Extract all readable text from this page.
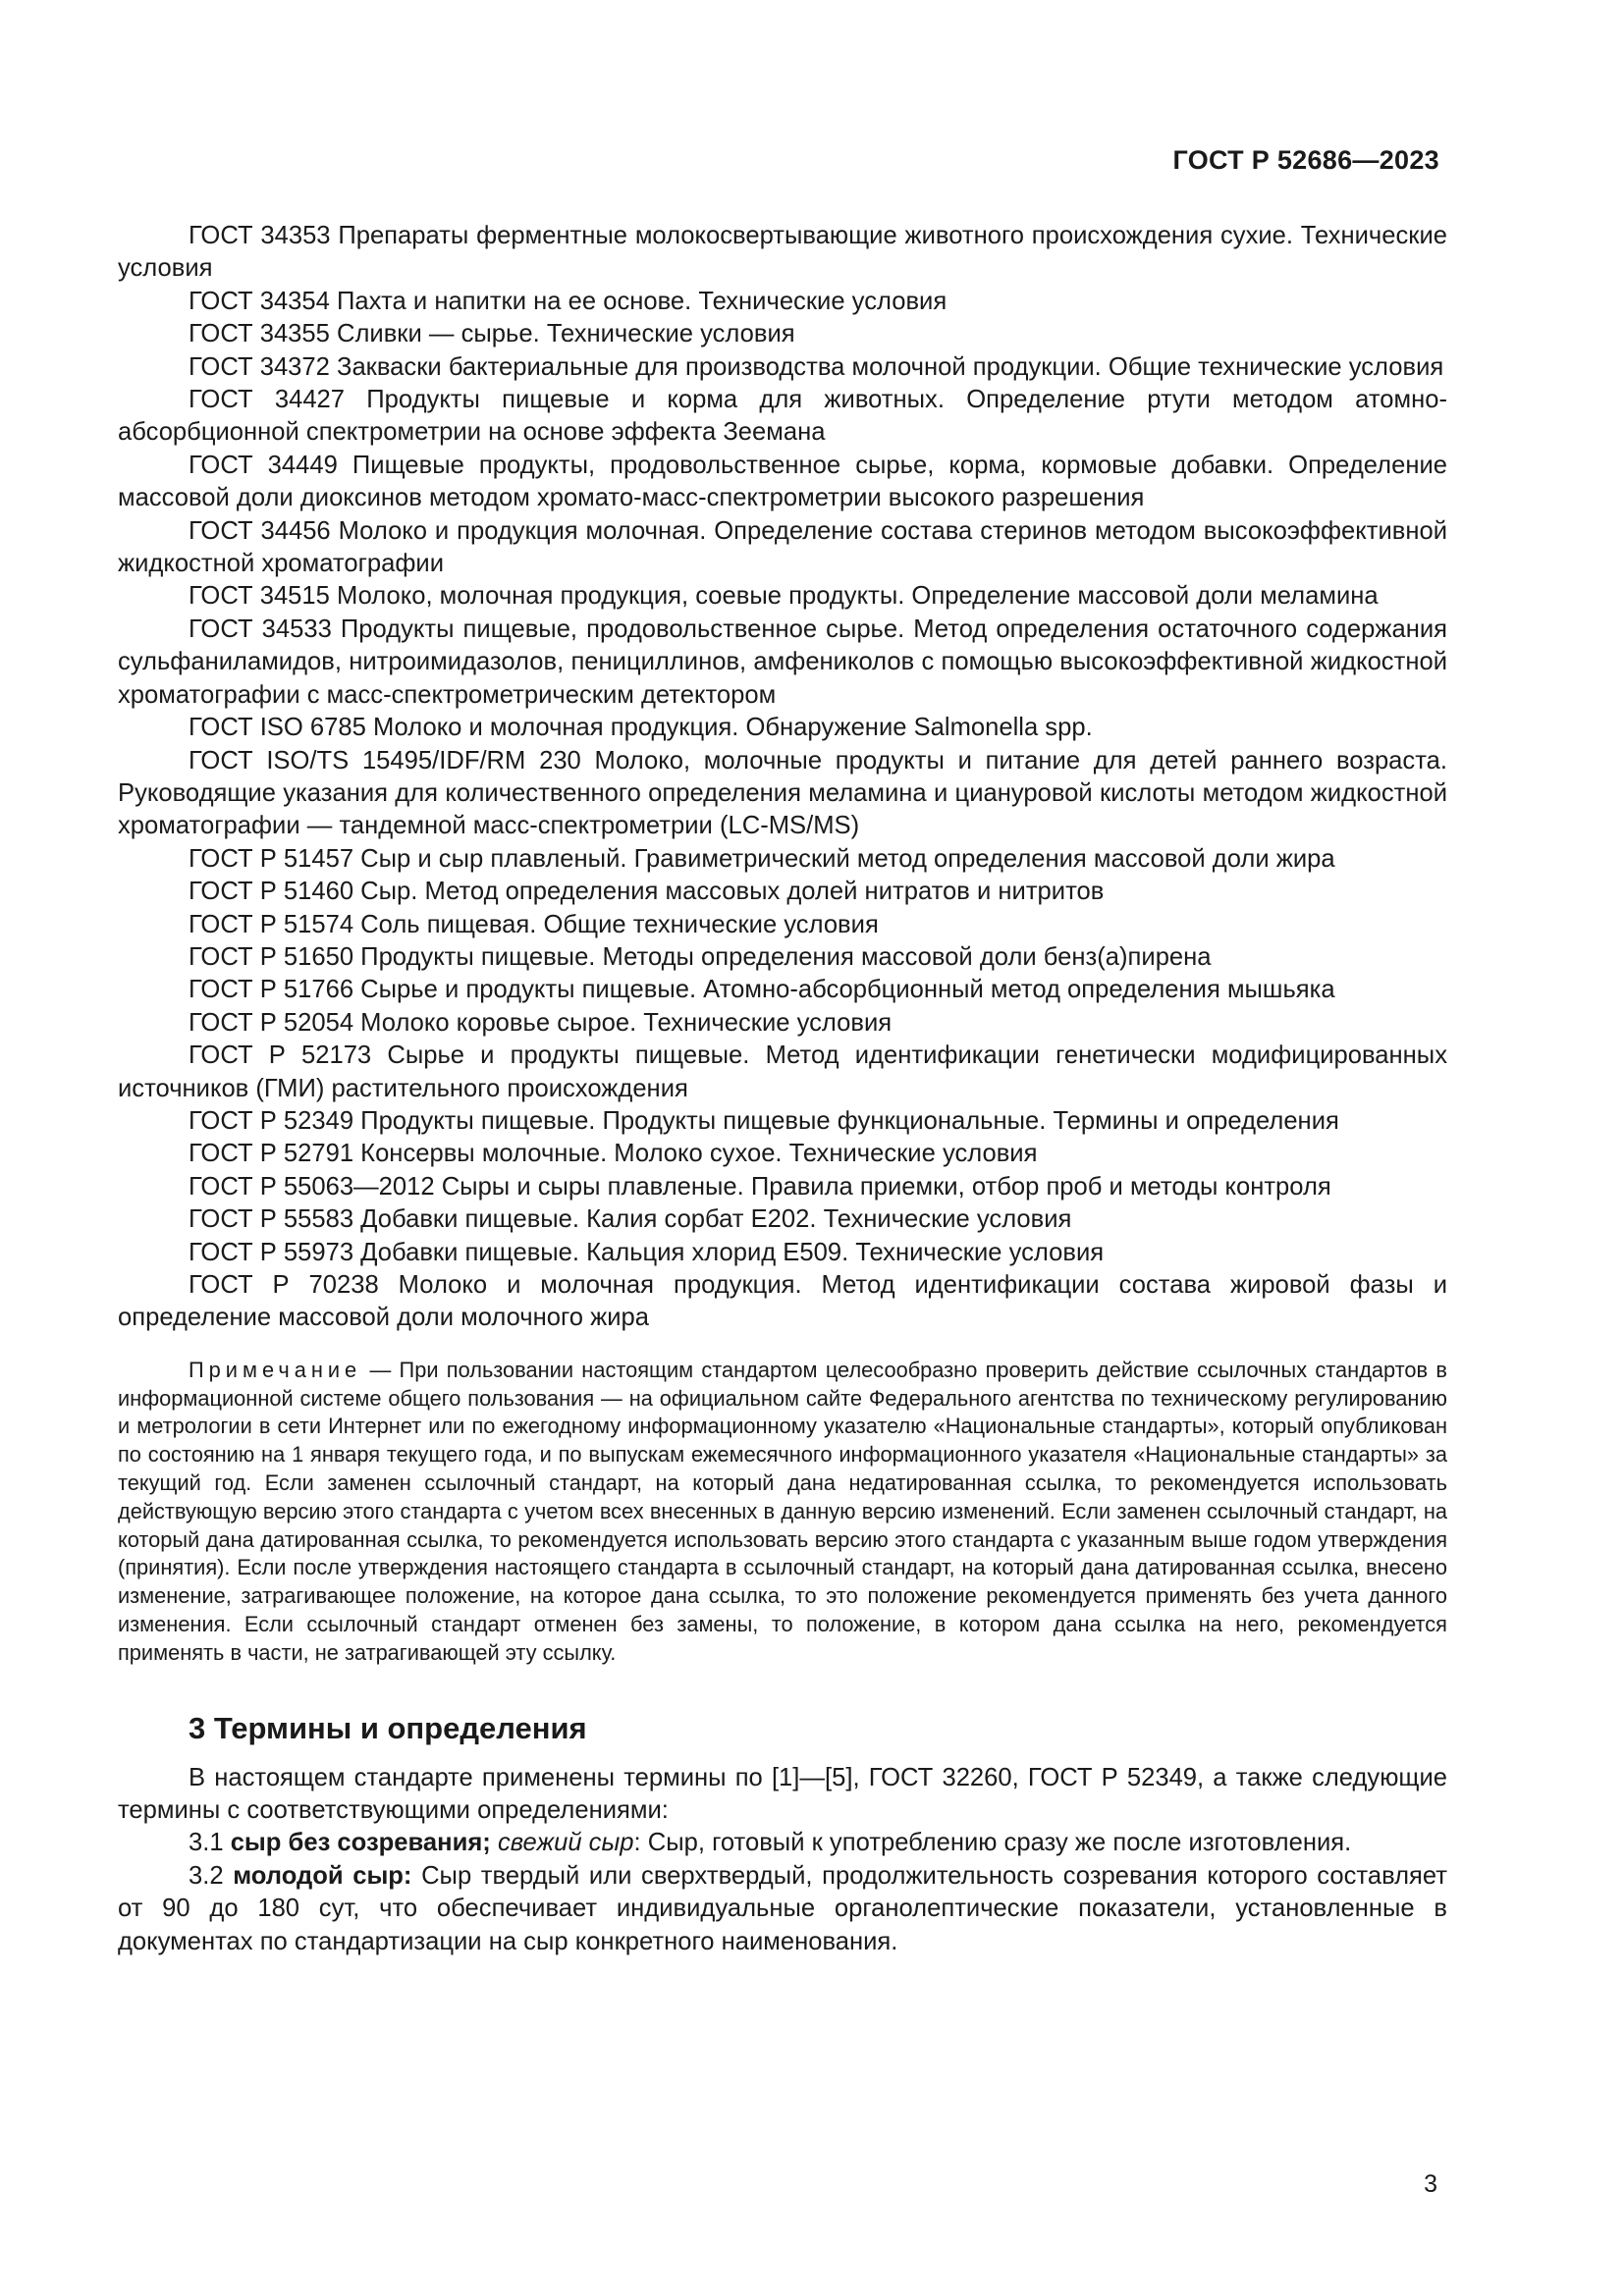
ГОСТ Р 52686—2023

ГОСТ 34353 Препараты ферментные молокосвертывающие животного происхождения сухие. Технические условия

ГОСТ 34354 Пахта и напитки на ее основе. Технические условия

ГОСТ 34355 Сливки — сырье. Технические условия

ГОСТ 34372 Закваски бактериальные для производства молочной продукции. Общие технические условия

ГОСТ 34427 Продукты пищевые и корма для животных. Определение ртути методом атомно-абсорбционной спектрометрии на основе эффекта Зеемана

ГОСТ 34449 Пищевые продукты, продовольственное сырье, корма, кормовые добавки. Определение массовой доли диоксинов методом хромато-масс-спектрометрии высокого разрешения

ГОСТ 34456 Молоко и продукция молочная. Определение состава стеринов методом высокоэффективной жидкостной хроматографии

ГОСТ 34515 Молоко, молочная продукция, соевые продукты. Определение массовой доли меламина

ГОСТ 34533 Продукты пищевые, продовольственное сырье. Метод определения остаточного содержания сульфаниламидов, нитроимидазолов, пенициллинов, амфениколов с помощью высокоэффективной жидкостной хроматографии с масс-спектрометрическим детектором

ГОСТ ISO 6785 Молоко и молочная продукция. Обнаружение Salmonella spp.

ГОСТ ISO/TS 15495/IDF/RM 230 Молоко, молочные продукты и питание для детей раннего возраста. Руководящие указания для количественного определения меламина и циануровой кислоты методом жидкостной хроматографии — тандемной масс-спектрометрии (LC-MS/MS)

ГОСТ Р 51457 Сыр и сыр плавленый. Гравиметрический метод определения массовой доли жира

ГОСТ Р 51460 Сыр. Метод определения массовых долей нитратов и нитритов

ГОСТ Р 51574 Соль пищевая. Общие технические условия

ГОСТ Р 51650 Продукты пищевые. Методы определения массовой доли бенз(а)пирена

ГОСТ Р 51766 Сырье и продукты пищевые. Атомно-абсорбционный метод определения мышьяка

ГОСТ Р 52054 Молоко коровье сырое. Технические условия

ГОСТ Р 52173 Сырье и продукты пищевые. Метод идентификации генетически модифицированных источников (ГМИ) растительного происхождения

ГОСТ Р 52349 Продукты пищевые. Продукты пищевые функциональные. Термины и определения

ГОСТ Р 52791 Консервы молочные. Молоко сухое. Технические условия

ГОСТ Р 55063—2012 Сыры и сыры плавленые. Правила приемки, отбор проб и методы контроля

ГОСТ Р 55583 Добавки пищевые. Калия сорбат Е202. Технические условия

ГОСТ Р 55973 Добавки пищевые. Кальция хлорид Е509. Технические условия

ГОСТ Р 70238 Молоко и молочная продукция. Метод идентификации состава жировой фазы и определение массовой доли молочного жира

Примечание — При пользовании настоящим стандартом целесообразно проверить действие ссылочных стандартов в информационной системе общего пользования — на официальном сайте Федерального агентства по техническому регулированию и метрологии в сети Интернет или по ежегодному информационному указателю «Национальные стандарты», который опубликован по состоянию на 1 января текущего года, и по выпускам ежемесячного информационного указателя «Национальные стандарты» за текущий год. Если заменен ссылочный стандарт, на который дана недатированная ссылка, то рекомендуется использовать действующую версию этого стандарта с учетом всех внесенных в данную версию изменений. Если заменен ссылочный стандарт, на который дана датированная ссылка, то рекомендуется использовать версию этого стандарта с указанным выше годом утверждения (принятия). Если после утверждения настоящего стандарта в ссылочный стандарт, на который дана датированная ссылка, внесено изменение, затрагивающее положение, на которое дана ссылка, то это положение рекомендуется применять без учета данного изменения. Если ссылочный стандарт отменен без замены, то положение, в котором дана ссылка на него, рекомендуется применять в части, не затрагивающей эту ссылку.

3 Термины и определения

В настоящем стандарте применены термины по [1]—[5], ГОСТ 32260, ГОСТ Р 52349, а также следующие термины с соответствующими определениями:

3.1 сыр без созревания; свежий сыр: Сыр, готовый к употреблению сразу же после изготовления.

3.2 молодой сыр: Сыр твердый или сверхтвердый, продолжительность созревания которого составляет от 90 до 180 сут, что обеспечивает индивидуальные органолептические показатели, установленные в документах по стандартизации на сыр конкретного наименования.

3
